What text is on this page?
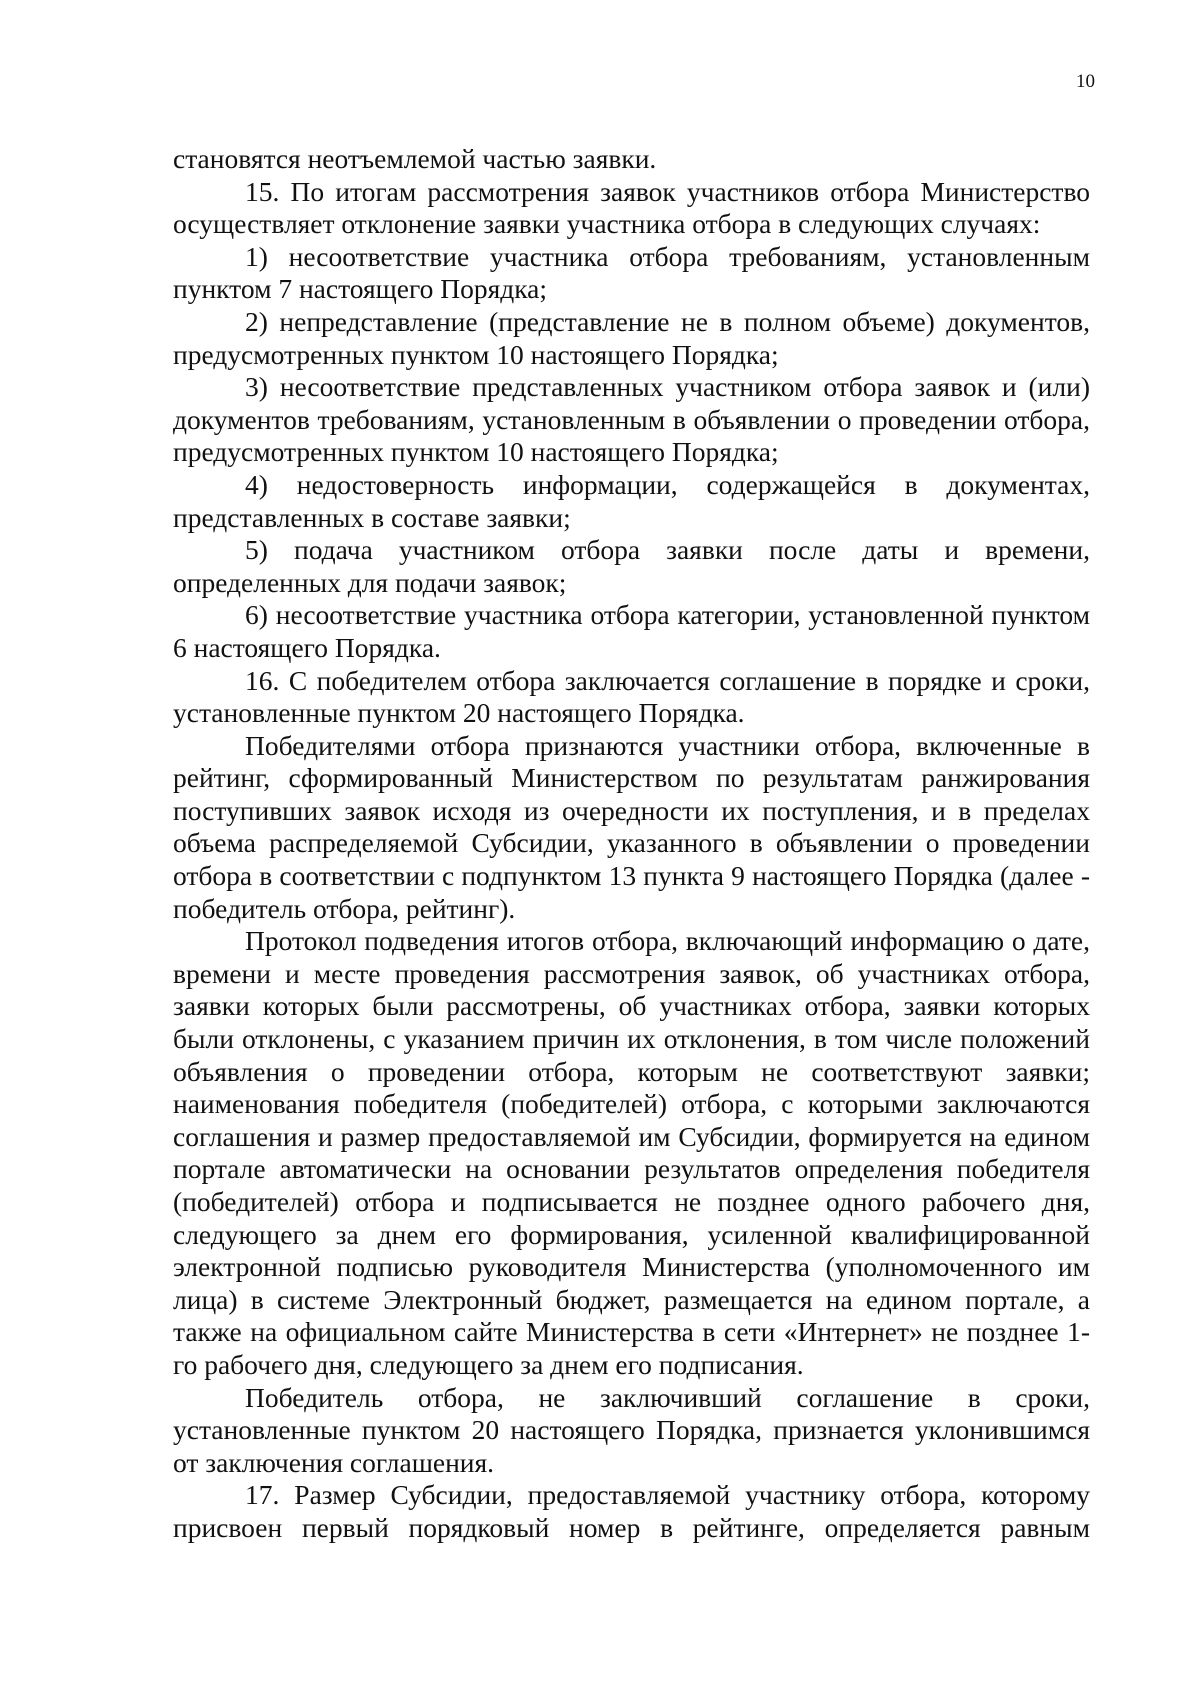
10

становятся неотъемлемой частью заявки.

15. По итогам рассмотрения заявок участников отбора Министерство осуществляет отклонение заявки участника отбора в следующих случаях:

1) несоответствие участника отбора требованиям, установленным пунктом 7 настоящего Порядка;

2) непредставление (представление не в полном объеме) документов, предусмотренных пунктом 10 настоящего Порядка;

3) несоответствие представленных участником отбора заявок и (или) документов требованиям, установленным в объявлении о проведении отбора, предусмотренных пунктом 10 настоящего Порядка;

4) недостоверность информации, содержащейся в документах, представленных в составе заявки;

5) подача участником отбора заявки после даты и времени, определенных для подачи заявок;

6) несоответствие участника отбора категории, установленной пунктом 6 настоящего Порядка.

16. С победителем отбора заключается соглашение в порядке и сроки, установленные пунктом 20 настоящего Порядка.

Победителями отбора признаются участники отбора, включенные в рейтинг, сформированный Министерством по результатам ранжирования поступивших заявок исходя из очередности их поступления, и в пределах объема распределяемой Субсидии, указанного в объявлении о проведении отбора в соответствии с подпунктом 13 пункта 9 настоящего Порядка (далее - победитель отбора, рейтинг).

Протокол подведения итогов отбора, включающий информацию о дате, времени и месте проведения рассмотрения заявок, об участниках отбора, заявки которых были рассмотрены, об участниках отбора, заявки которых были отклонены, с указанием причин их отклонения, в том числе положений объявления о проведении отбора, которым не соответствуют заявки; наименования победителя (победителей) отбора, с которыми заключаются соглашения и размер предоставляемой им Субсидии, формируется на едином портале автоматически на основании результатов определения победителя (победителей) отбора и подписывается не позднее одного рабочего дня, следующего за днем его формирования, усиленной квалифицированной электронной подписью руководителя Министерства (уполномоченного им лица) в системе Электронный бюджет, размещается на едином портале, а также на официальном сайте Министерства в сети «Интернет» не позднее 1-го рабочего дня, следующего за днем его подписания.

Победитель отбора, не заключивший соглашение в сроки, установленные пунктом 20 настоящего Порядка, признается уклонившимся от заключения соглашения.

17. Размер Субсидии, предоставляемой участнику отбора, которому присвоен первый порядковый номер в рейтинге, определяется равным
